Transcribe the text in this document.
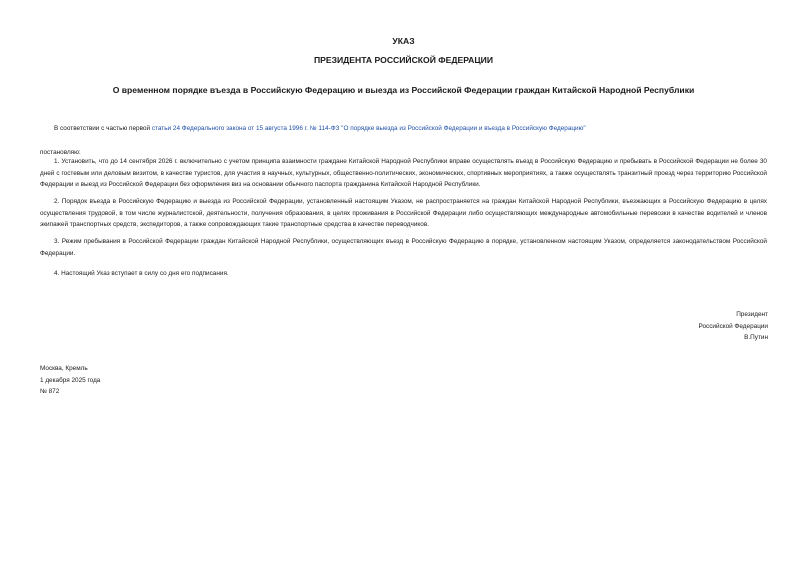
УКАЗ
ПРЕЗИДЕНТА РОССИЙСКОЙ ФЕДЕРАЦИИ
О временном порядке въезда в Российскую Федерацию и выезда из Российской Федерации граждан Китайской Народной Республики

В соответствии с частью первой статьи 24 Федерального закона от 15 августа 1996 г. № 114-ФЗ "О порядке выезда из Российской Федерации и въезда в Российскую Федерацию"

постановляю:

1. Установить, что до 14 сентября 2026 г. включительно с учетом принципа взаимности граждане Китайской Народной Республики вправе осуществлять въезд в Российскую Федерацию и пребывать в Российской Федерации не более 30 дней с гостевым или деловым визитом, в качестве туристов, для участия в научных, культурных, общественно-политических, экономических, спортивных мероприятиях, а также осуществлять транзитный проезд через территорию Российской Федерации и выезд из Российской Федерации без оформления виз на основании обычного паспорта гражданина Китайской Народной Республики.

2. Порядок въезда в Российскую Федерацию и выезда из Российской Федерации, установленный настоящим Указом, не распространяется на граждан Китайской Народной Республики, въезжающих в Российскую Федерацию в целях осуществления трудовой, в том числе журналистской, деятельности, получения образования, в целях проживания в Российской Федерации либо осуществляющих международные автомобильные перевозки в качестве водителей и членов экипажей транспортных средств, экспедиторов, а также сопровождающих такие транспортные средства в качестве переводчиков.

3. Режим пребывания в Российской Федерации граждан Китайской Народной Республики, осуществляющих въезд в Российскую Федерацию в порядке, установленном настоящим Указом, определяется законодательством Российской Федерации.

4. Настоящий Указ вступает в силу со дня его подписания.

Президент
Российской Федерации
В.Путин
Москва, Кремль
1 декабря 2025 года
№ 872
